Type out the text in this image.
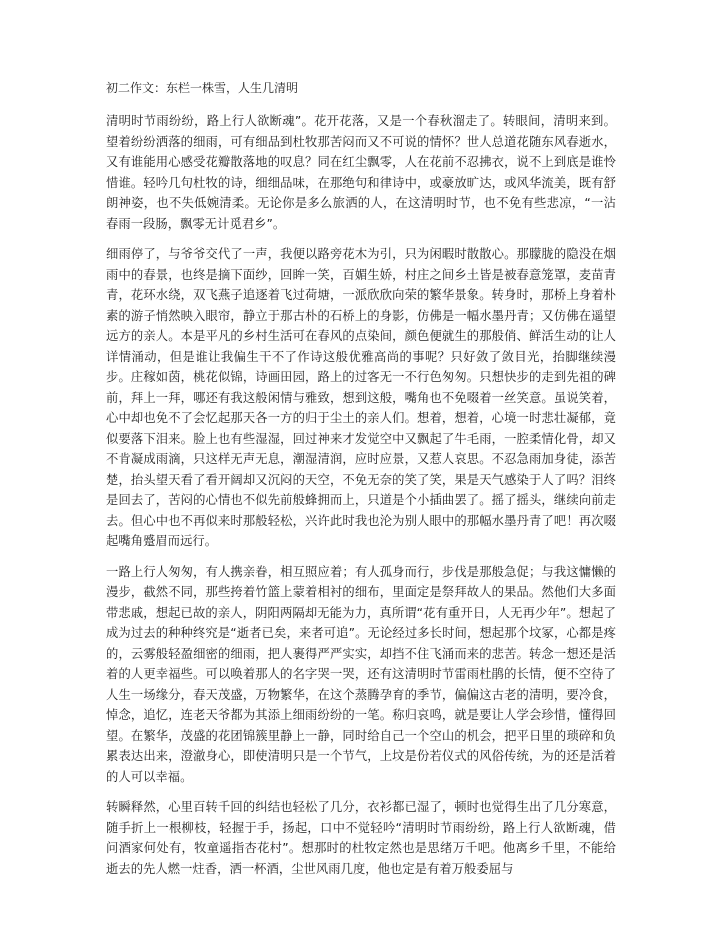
初二作文：东栏一株雪，人生几清明

清明时节雨纷纷，路上行人欲断魂”。花开花落，又是一个春秋溜走了。转眼间，清明来到。望着纷纷洒落的细雨，可有细品到杜牧那苦闷而又不可说的情怀？世人总道花随东风春逝水，又有谁能用心感受花瓣散落地的叹息？同在红尘飘零，人在花前不忍拂衣，说不上到底是谁怜惜谁。轻吟几句杜牧的诗，细细品味，在那绝句和律诗中，或豪放旷达，或风华流美，既有舒朗神姿，也不失低婉清柔。无论你是多么旅洒的人，在这清明时节，也不免有些悲凉，“一沾春雨一段肠，飘零无计觅君乡”。

细雨停了，与爷爷交代了一声，我便以路旁花木为引，只为闲暇时散散心。那朦胧的隐没在烟雨中的春景，也终是摘下面纱，回眸一笑，百媚生娇，村庄之间乡土皆是被春意笼罩，麦苗青青，花环水绕，双飞燕子追逐着飞过荷塘，一派欣欣向荣的繁华景象。转身时，那桥上身着朴素的游子悄然映入眼帘，静立于那古朴的石桥上的身影，仿佛是一幅水墨丹青；又仿佛在遥望远方的亲人。本是平凡的乡村生活可在春风的点染间，颜色便就生的那般俏、鲜活生动的让人详情涌动，但是谁让我偏生干不了作诗这般优雅高尚的事呢？只好敛了敛目光，抬脚继续漫步。庄稼如茵，桃花似锦，诗画田园，路上的过客无一不行色匆匆。只想快步的走到先祖的碑前，拜上一拜，哪还有我这般闲情与雅致，想到这般，嘴角也不免啜着一丝笑意。虽说笑着，心中却也免不了会忆起那天各一方的归于尘土的亲人们。想着，想着，心境一时悲壮凝郁，竟似要落下泪来。脸上也有些湿湿，回过神来才发觉空中又飘起了牛毛雨，一腔柔情化骨，却又不肯凝成雨滴，只这样无声无息，潮湿清润，应时应景，又惹人哀思。不忍急雨加身徒，添苦楚，抬头望天看了看开阔却又沉闷的天空，不免无奈的笑了笑，果是天气感染于人了吗？泪终是回去了，苦闷的心情也不似先前般蜂拥而上，只道是个小插曲罢了。摇了摇头，继续向前走去。但心中也不再似来时那般轻松，兴许此时我也沦为别人眼中的那幅水墨丹青了吧！再次啜起嘴角蹙眉而远行。

一路上行人匆匆，有人携亲眷，相互照应着；有人孤身而行，步伐是那般急促；与我这慵懒的漫步，截然不同，那些挎着竹篮上蒙着相衬的细布，里面定是祭拜故人的果品。然他们大多面带悲戚，想起已故的亲人，阴阳两隔却无能为力，真所谓“花有重开日，人无再少年”。想起了成为过去的种种终究是“逝者已矣，来者可追”。无论经过多长时间，想起那个坟冢，心都是疼的，云雾般轻盈细密的细雨，把人裹得严严实实，却挡不住飞涌而来的悲苦。转念一想还是活着的人更幸福些。可以唤着那人的名字哭一哭，还有这清明时节雷雨杜鹃的长情，便不空待了人生一场缘分，春天茂盛，万物繁华，在这个蒸腾孕育的季节，偏偏这古老的清明，要冷食，悼念，追忆，连老天爷都为其添上细雨纷纷的一笔。称归哀鸣，就是要让人学会珍惜，懂得回望。在繁华，茂盛的花团锦簇里静上一静，同时给自己一个空山的机会，把平日里的琐碎和负累表达出来，澄澈身心，即使清明只是一个节气，上坟是份若仪式的风俗传统，为的还是活着的人可以幸福。

转瞬释然，心里百转千回的纠结也轻松了几分，衣衫都已湿了，顿时也觉得生出了几分寒意，随手折上一根柳枝，轻握于手，扬起，口中不觉轻吟“清明时节雨纷纷，路上行人欲断魂，借问酒家何处有，牧童遥指杏花村”。想那时的杜牧定然也是思绪万千吧。他离乡千里，不能给逝去的先人燃一炷香，洒一杯酒，尘世风雨几度，他也定是有着万般委屈与
